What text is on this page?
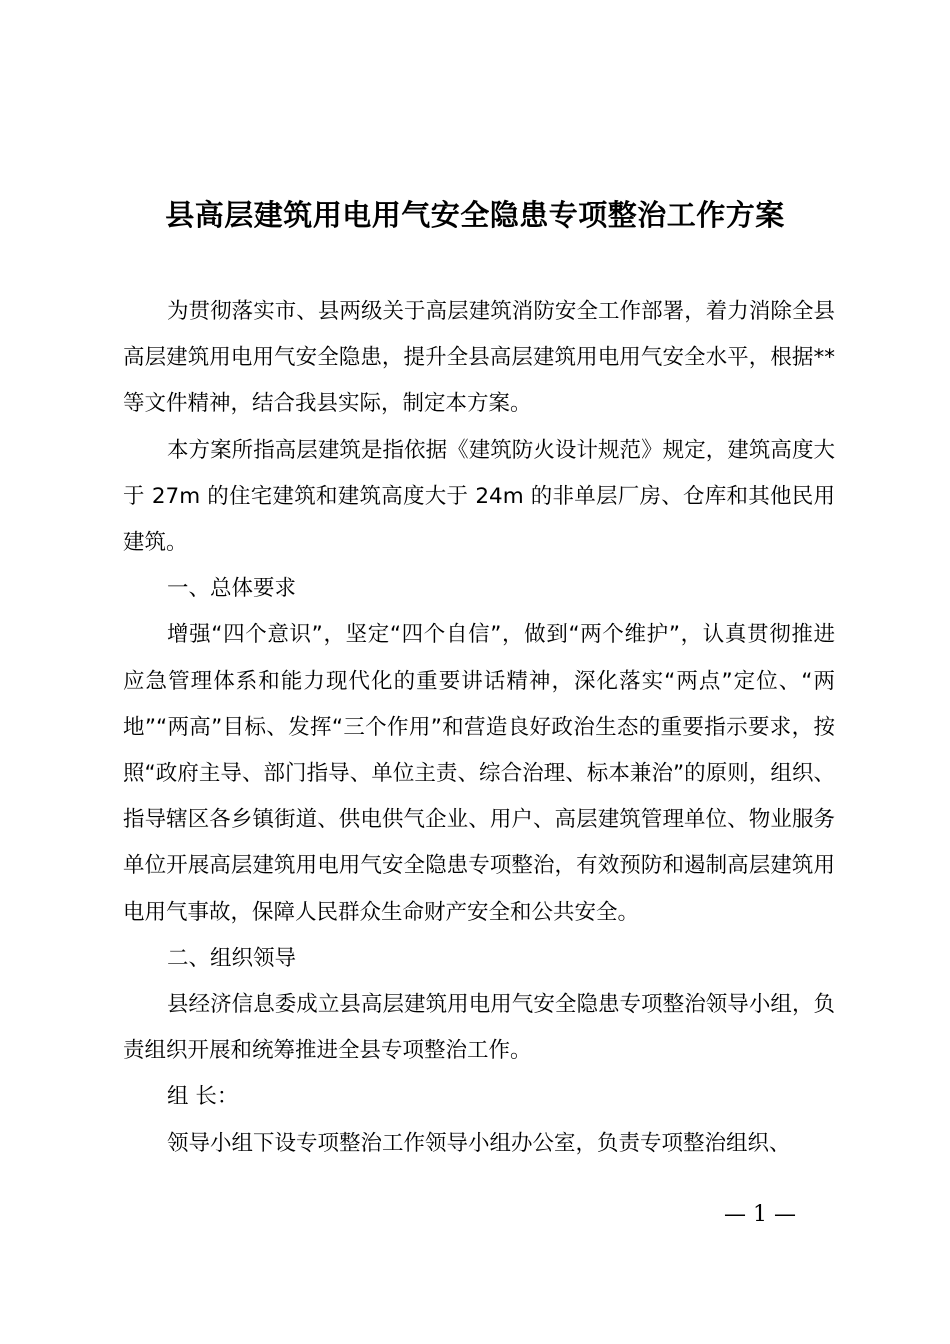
县高层建筑用电用气安全隐患专项整治工作方案

为贯彻落实市、县两级关于高层建筑消防安全工作部署，着力消除全县高层建筑用电用气安全隐患，提升全县高层建筑用电用气安全水平，根据**等文件精神，结合我县实际，制定本方案。

本方案所指高层建筑是指依据《建筑防火设计规范》规定，建筑高度大于 27m 的住宅建筑和建筑高度大于 24m 的非单层厂房、仓库和其他民用建筑。

一、总体要求

增强“四个意识”，坚定“四个自信”，做到“两个维护”，认真贯彻推进应急管理体系和能力现代化的重要讲话精神，深化落实“两点”定位、“两地”“两高”目标、发挥“三个作用”和营造良好政治生态的重要指示要求，按照“政府主导、部门指导、单位主责、综合治理、标本兼治”的原则，组织、指导辖区各乡镇街道、供电供气企业、用户、高层建筑管理单位、物业服务单位开展高层建筑用电用气安全隐患专项整治，有效预防和遏制高层建筑用电用气事故，保障人民群众生命财产安全和公共安全。

二、组织领导

县经济信息委成立县高层建筑用电用气安全隐患专项整治领导小组，负责组织开展和统筹推进全县专项整治工作。

组 长：

领导小组下设专项整治工作领导小组办公室，负责专项整治组织、

— 1 —
